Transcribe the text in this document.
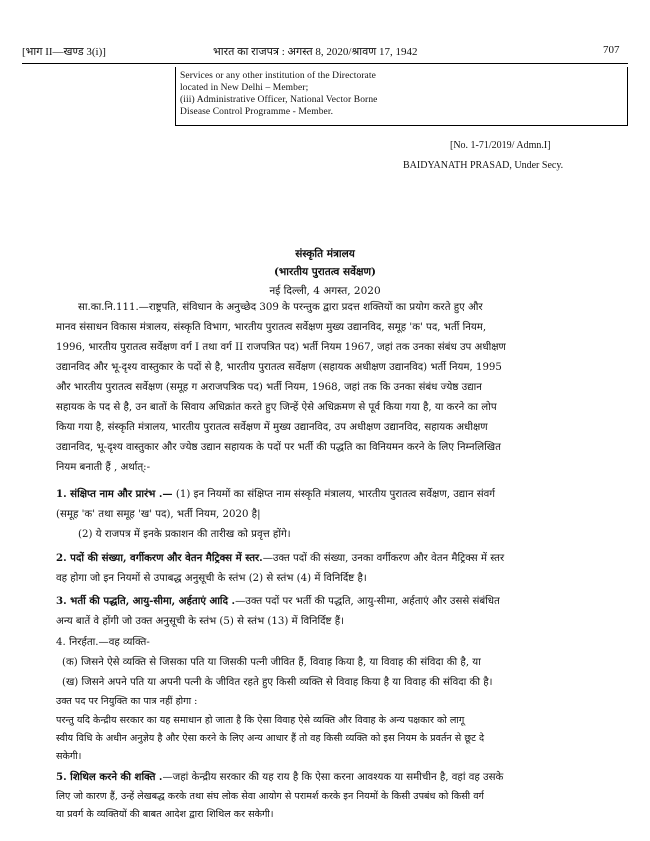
[भाग II—खण्ड 3(i)]	भारत का राजपत्र : अगस्त 8, 2020/श्रावण 17, 1942	707
Services or any other institution of the Directorate
located in New Delhi – Member;
(iii) Administrative Officer, National Vector Borne
Disease Control Programme - Member.
[No. 1-71/2019/ Admn.I]
BAIDYANATH PRASAD, Under Secy.
संस्कृति मंत्रालय
(भारतीय पुरातत्व सर्वेक्षण)
नई दिल्ली, 4 अगस्त, 2020
सा.का.नि.111.—राष्ट्रपति, संविधान के अनुच्छेद 309 के परन्तुक द्वारा प्रदत्त शक्तियों का प्रयोग करते हुए और
मानव संसाधन विकास मंत्रालय, संस्कृति विभाग, भारतीय पुरातत्व सर्वेक्षण मुख्य उद्यानविद, समूह 'क' पद, भर्ती नियम,
1996, भारतीय पुरातत्व सर्वेक्षण वर्ग I तथा वर्ग II राजपत्रित पद) भर्ती नियम 1967, जहां तक उनका संबंध उप अधीक्षण
उद्यानविद और भू-दृश्य वास्तुकार के पदों से है, भारतीय पुरातत्व सर्वेक्षण (सहायक अधीक्षण उद्यानविद) भर्ती नियम, 1995
और भारतीय पुरातत्व सर्वेक्षण (समूह ग अराजपत्रिक पद) भर्ती नियम, 1968, जहां तक कि उनका संबंध ज्येष्ठ उद्यान
सहायक के पद से है, उन बातों के सिवाय अधिक्रांत करते हुए जिन्हें ऐसे अधिक्रमण से पूर्व किया गया है, या करने का लोप
किया गया है, संस्कृति मंत्रालय, भारतीय पुरातत्व सर्वेक्षण में मुख्य उद्यानविद, उप अधीक्षण उद्यानविद, सहायक अधीक्षण
उद्यानविद, भू-दृश्य वास्तुकार और ज्येष्ठ उद्यान सहायक के पदों पर भर्ती की पद्धति का विनियमन करने के लिए निम्नलिखित
नियम बनाती हैं , अर्थात्:-
1. संक्षिप्त नाम और प्रारंभ .— (1) इन नियमों का संक्षिप्त नाम संस्कृति मंत्रालय, भारतीय पुरातत्व सर्वेक्षण, उद्यान संवर्ग
(समूह 'क' तथा समूह 'ख' पद), भर्ती नियम, 2020 है|
(2) ये राजपत्र में इनके प्रकाशन की तारीख को प्रवृत्त होंगे।
2. पदों की संख्या, वर्गीकरण और वेतन मैट्रिक्स में स्तर.—उक्त पदों की संख्या, उनका वर्गीकरण और वेतन मैट्रिक्स में स्तर
वह होगा जो इन नियमों से उपाबद्ध अनुसूची के स्तंभ (2) से स्तंभ (4) में विनिर्दिष्ट है।
3. भर्ती की पद्धति, आयु-सीमा, अर्हताएं आदि .—उक्त पदों पर भर्ती की पद्धति, आयु-सीमा, अर्हताएं और उससे संबंधित
अन्य बातें वे होंगी जो उक्त अनुसूची के स्तंभ (5) से स्तंभ (13) में विनिर्दिष्ट हैं।
4. निरर्हता.—वह व्यक्ति-
(क) जिसने ऐसे व्यक्ति से जिसका पति या जिसकी पत्नी जीवित हैं, विवाह किया है, या विवाह की संविदा की है, या
(ख) जिसने अपने पति या अपनी पत्नी के जीवित रहते हुए किसी व्यक्ति से विवाह किया है या विवाह की संविदा की है।
उक्त पद पर नियुक्ति का पात्र नहीं होगा :
परन्तु यदि केन्द्रीय सरकार का यह समाधान हो जाता है कि ऐसा विवाह ऐसे व्यक्ति और विवाह के अन्य पक्षकार को लागू
स्वीय विधि के अधीन अनुज्ञेय है और ऐसा करने के लिए अन्य आधार हैं तो वह किसी व्यक्ति को इस नियम के प्रवर्तन से छूट दे
सकेगी।
5. शिथिल करने की शक्ति .—जहां केन्द्रीय सरकार की यह राय है कि ऐसा करना आवश्यक या समीचीन है, वहां वह उसके
लिए जो कारण हैं, उन्हें लेखबद्ध करके तथा संघ लोक सेवा आयोग से परामर्श करके इन नियमों के किसी उपबंध को किसी वर्ग
या प्रवर्ग के व्यक्तियों की बाबत आदेश द्वारा शिथिल कर सकेगी।
